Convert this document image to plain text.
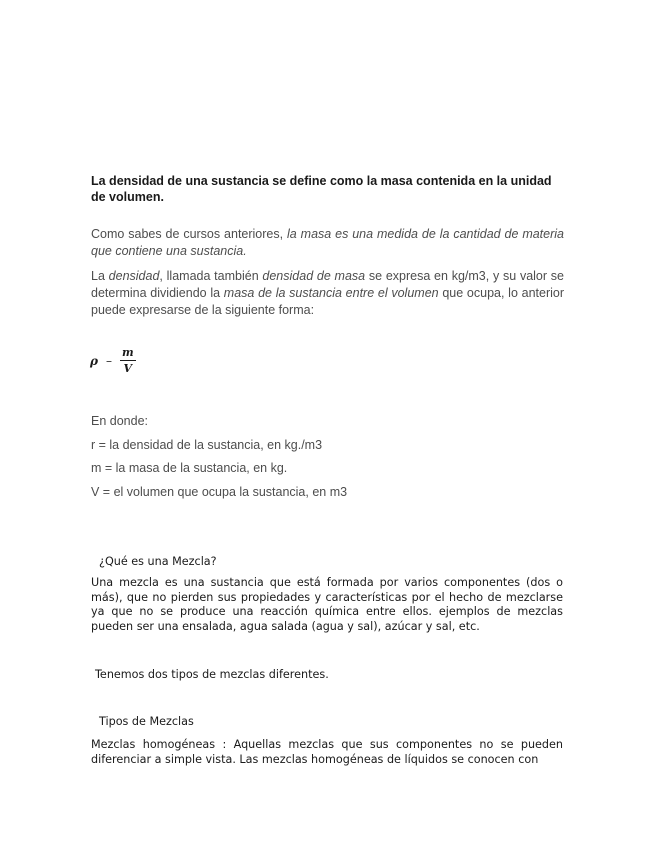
La densidad de una sustancia se define como la masa contenida en la unidad de volumen.

Como sabes de cursos anteriores, la masa es una medida de la cantidad de materia que contiene una sustancia.

La densidad, llamada también densidad de masa se expresa en kg/m3, y su valor se determina dividiendo la masa de la sustancia entre el volumen que ocupa, lo anterior puede expresarse de la siguiente forma:

ρ – $\frac{m}{V}$

En donde:

r = la densidad de la sustancia, en kg./m3

m = la masa de la sustancia, en kg.

V = el volumen que ocupa la sustancia, en m3

¿Qué es una Mezcla?

Una mezcla es una sustancia que está formada por varios componentes (dos o más), que no pierden sus propiedades y características por el hecho de mezclarse ya que no se produce una reacción química entre ellos. ejemplos de mezclas pueden ser una ensalada, agua salada (agua y sal), azúcar y sal, etc.

Tenemos dos tipos de mezclas diferentes.

Tipos de Mezclas

Mezclas homogéneas : Aquellas mezclas que sus componentes no se pueden diferenciar a simple vista. Las mezclas homogéneas de líquidos se conocen con
